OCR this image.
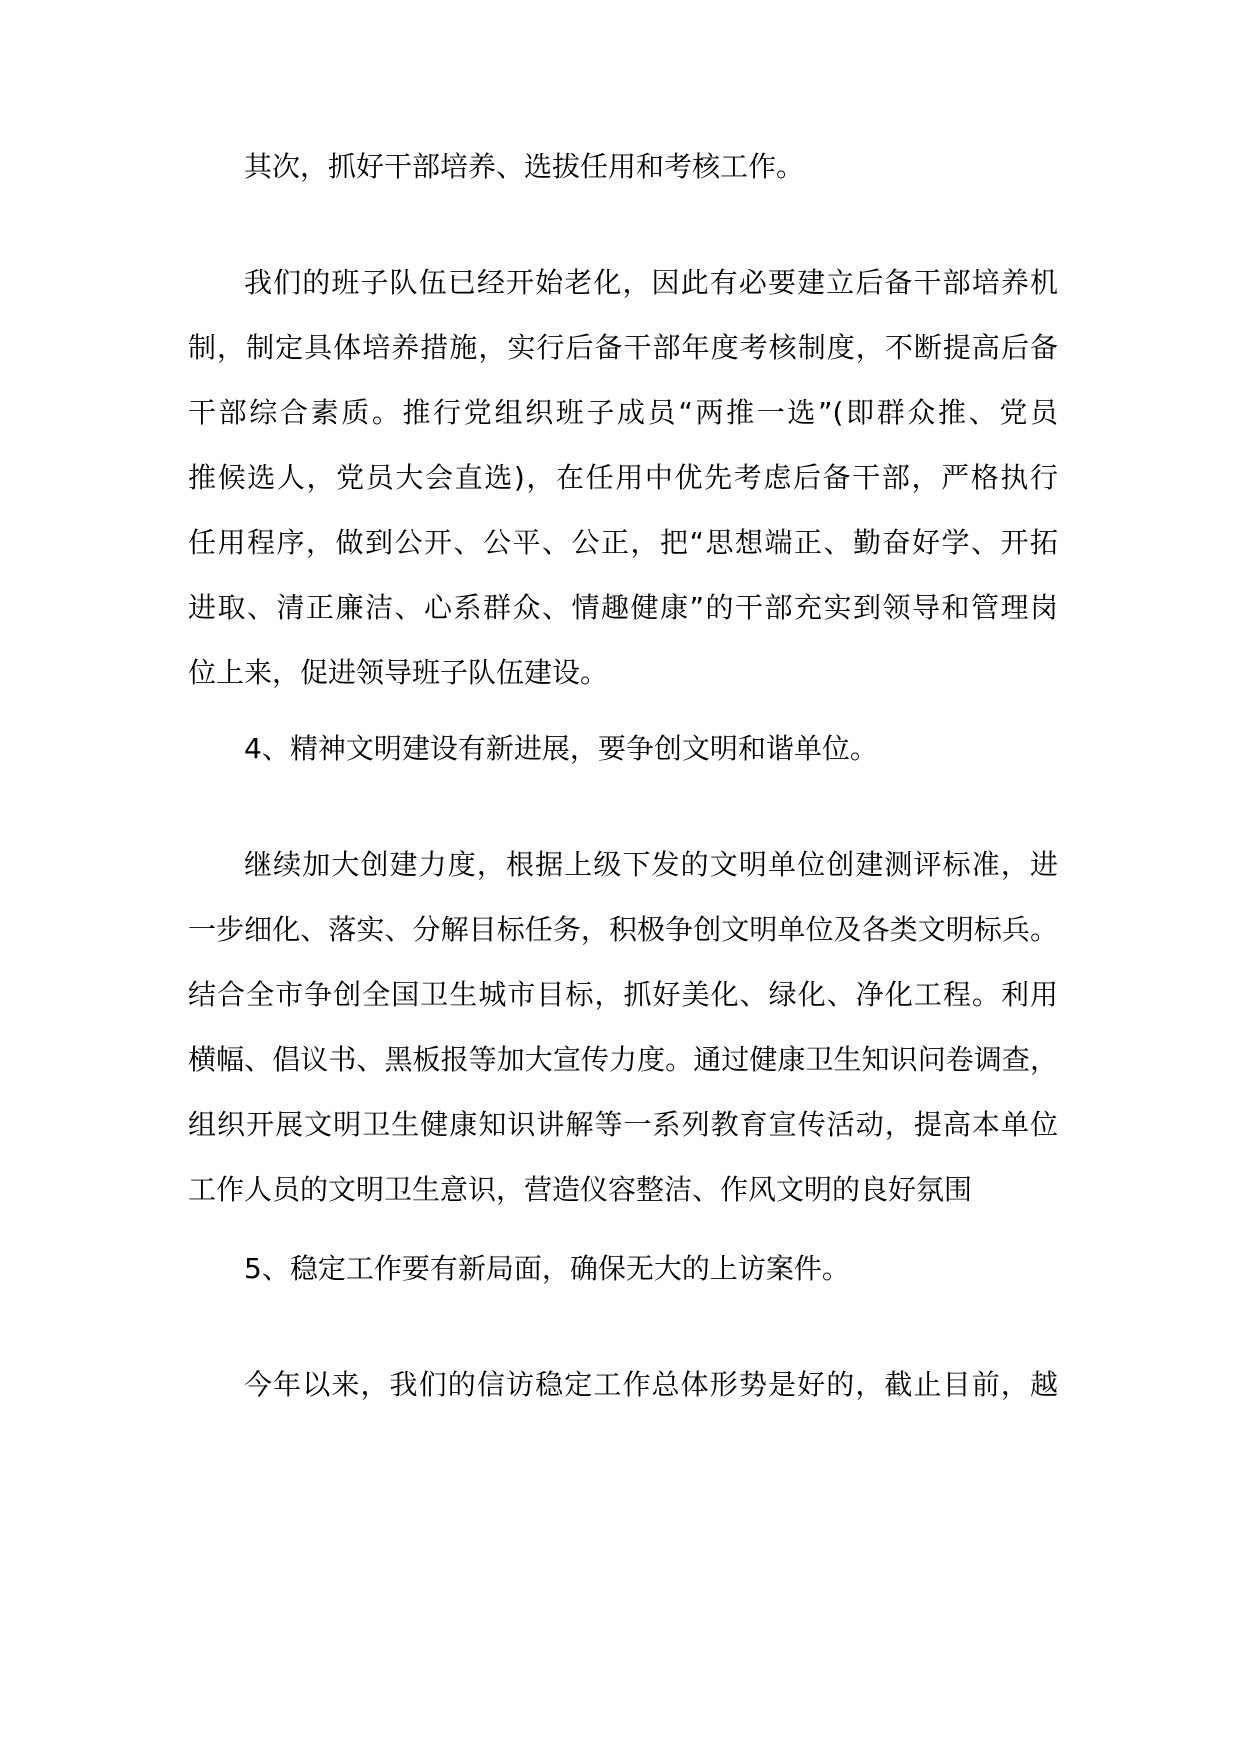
其次，抓好干部培养、选拔任用和考核工作。
我们的班子队伍已经开始老化，因此有必要建立后备干部培养机
制，制定具体培养措施，实行后备干部年度考核制度，不断提高后备
干部综合素质。推行党组织班子成员“两推一选”(即群众推、党员
推候选人，党员大会直选)，在任用中优先考虑后备干部，严格执行
任用程序，做到公开、公平、公正，把“思想端正、勤奋好学、开拓
进取、清正廉洁、心系群众、情趣健康”的干部充实到领导和管理岗
位上来，促进领导班子队伍建设。
4、精神文明建设有新进展，要争创文明和谐单位。
继续加大创建力度，根据上级下发的文明单位创建测评标准，进
一步细化、落实、分解目标任务，积极争创文明单位及各类文明标兵。
结合全市争创全国卫生城市目标，抓好美化、绿化、净化工程。利用
横幅、倡议书、黑板报等加大宣传力度。通过健康卫生知识问卷调查，
组织开展文明卫生健康知识讲解等一系列教育宣传活动，提高本单位
工作人员的文明卫生意识，营造仪容整洁、作风文明的良好氛围
5、稳定工作要有新局面，确保无大的上访案件。
今年以来，我们的信访稳定工作总体形势是好的，截止目前，越
